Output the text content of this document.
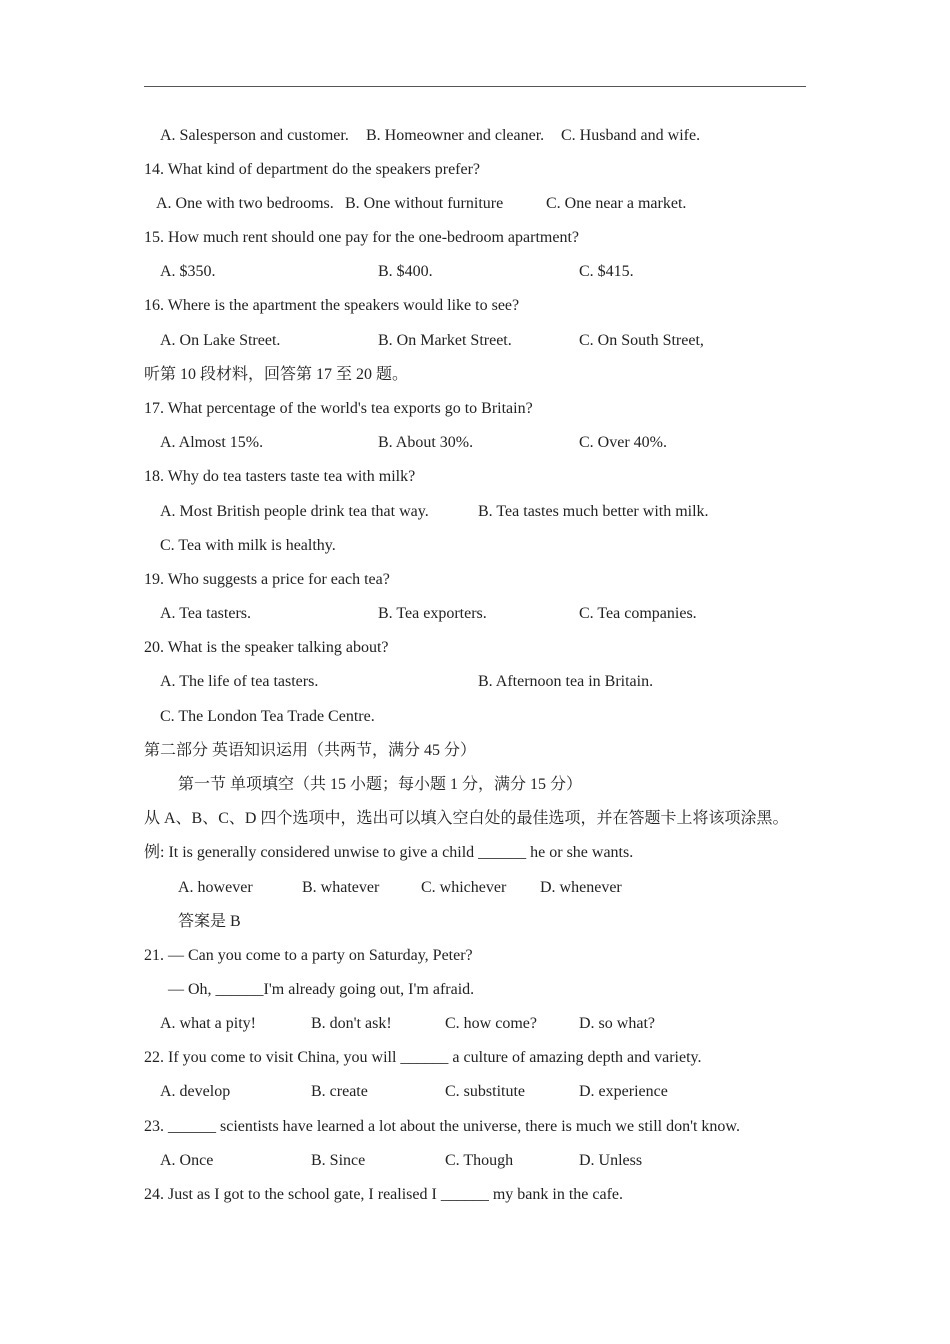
A. Salesperson and customer. B. Homeowner and cleaner. C. Husband and wife.
14. What kind of department do the speakers prefer?
A. One with two bedrooms. B. One without furniture	C. One near a market.
15. How much rent should one pay for the one-bedroom apartment?
A. $350.	B. $400.	C. $415.
16. Where is the apartment the speakers would like to see?
A. On Lake Street.	B. On Market Street.	C. On South Street,
听第 10 段材料，回答第 17 至 20 题。
17. What percentage of the world's tea exports go to Britain?
A. Almost 15%.	B. About 30%.	C. Over 40%.
18. Why do tea tasters taste tea with milk?
A. Most British people drink tea that way.	B. Tea tastes much better with milk.
C. Tea with milk is healthy.
19. Who suggests a price for each tea?
A. Tea tasters.	B. Tea exporters.	C. Tea companies.
20. What is the speaker talking about?
A. The life of tea tasters.	B. Afternoon tea in Britain.
C. The London Tea Trade Centre.
第二部分 英语知识运用（共两节，满分 45 分）
第一节 单项填空（共 15 小题；每小题 1 分，满分 15 分）
从 A、B、C、D 四个选项中，选出可以填入空白处的最佳选项，并在答题卡上将该项涂黑。
例: It is generally considered unwise to give a child ______ he or she wants.
A. however	B. whatever	C. whichever D. whenever
答案是 B
21. — Can you come to a party on Saturday, Peter?
— Oh, ______I'm already going out, I'm afraid.
A. what a pity!	B. don't ask!	C. how come?	D. so what?
22. If you come to visit China, you will ______ a culture of amazing depth and variety.
A. develop	B. create	C. substitute	D. experience
23. ______ scientists have learned a lot about the universe, there is much we still don't know.
A. Once	B. Since	C. Though	D. Unless
24. Just as I got to the school gate, I realised I ______ my bank in the cafe.
